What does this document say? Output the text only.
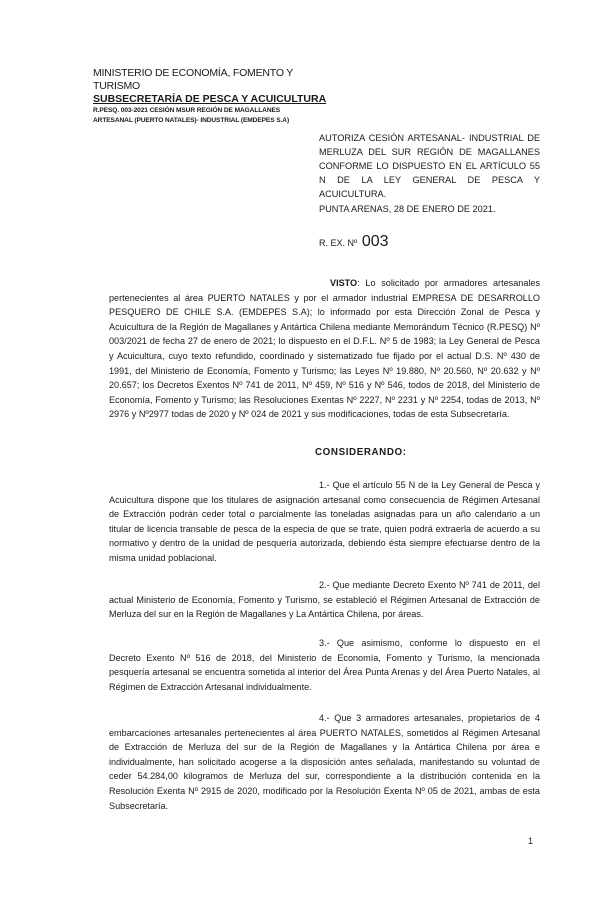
MINISTERIO DE ECONOMÍA, FOMENTO Y TURISMO
SUBSECRETARÍA DE PESCA Y ACUICULTURA
R.PESQ. 003-2021 CESIÓN MSUR REGIÓN DE MAGALLANES
ARTESANAL (PUERTO NATALES)- INDUSTRIAL (EMDEPES S.A)
AUTORIZA CESIÓN ARTESANAL- INDUSTRIAL DE MERLUZA DEL SUR REGIÓN DE MAGALLANES CONFORME LO DISPUESTO EN EL ARTÍCULO 55 N DE LA LEY GENERAL DE PESCA Y ACUICULTURA.
PUNTA ARENAS, 28 DE ENERO DE 2021.
R. EX. Nº 003
VISTO: Lo solicitado por armadores artesanales pertenecientes al área PUERTO NATALES y por el armador industrial EMPRESA DE DESARROLLO PESQUERO DE CHILE S.A. (EMDEPES S.A); lo informado por esta Dirección Zonal de Pesca y Acuicultura de la Región de Magallanes y Antártica Chilena mediante Memorándum Técnico (R.PESQ) Nº 003/2021 de fecha 27 de enero de 2021; lo dispuesto en el D.F.L. Nº 5 de 1983; la Ley General de Pesca y Acuicultura, cuyo texto refundido, coordinado y sistematizado fue fijado por el actual D.S. Nº 430 de 1991, del Ministerio de Economía, Fomento y Turismo; las Leyes Nº 19.880, Nº 20.560, Nº 20.632 y Nº 20.657; los Decretos Exentos Nº 741 de 2011, Nº 459, Nº 516 y Nº 546, todos de 2018, del Ministerio de Economía, Fomento y Turismo; las Resoluciones Exentas Nº 2227, Nº 2231 y Nº 2254, todas de 2013, Nº 2976 y Nº2977 todas de 2020 y Nº 024 de 2021 y sus modificaciones, todas de esta Subsecretaría.
CONSIDERANDO:
1.- Que el artículo 55 N de la Ley General de Pesca y Acuicultura dispone que los titulares de asignación artesanal como consecuencia de Régimen Artesanal de Extracción podrán ceder total o parcialmente las toneladas asignadas para un año calendario a un titular de licencia transable de pesca de la especia de que se trate, quien podrá extraerla de acuerdo a su normativo y dentro de la unidad de pesquería autorizada, debiendo ésta siempre efectuarse dentro de la misma unidad poblacional.
2.- Que mediante Decreto Exento Nº 741 de 2011, del actual Ministerio de Economía, Fomento y Turismo, se estableció el Régimen Artesanal de Extracción de Merluza del sur en la Región de Magallanes y La Antártica Chilena, por áreas.
3.- Que asimismo, conforme lo dispuesto en el Decreto Exento Nº 516 de 2018, del Ministerio de Economía, Fomento y Turismo, la mencionada pesquería artesanal se encuentra sometida al interior del Área Punta Arenas y del Área Puerto Natales, al Régimen de Extracción Artesanal individualmente.
4.- Que 3 armadores artesanales, propietarios de 4 embarcaciones artesanales pertenecientes al área PUERTO NATALES, sometidos al Régimen Artesanal de Extracción de Merluza del sur de la Región de Magallanes y la Antártica Chilena por área e individualmente, han solicitado acogerse a la disposición antes señalada, manifestando su voluntad de ceder 54.284,00 kilogramos de Merluza del sur, correspondiente a la distribución contenida en la Resolución Exenta Nº 2915 de 2020, modificado por la Resolución Exenta Nº 05 de 2021, ambas de esta Subsecretaría.
1
